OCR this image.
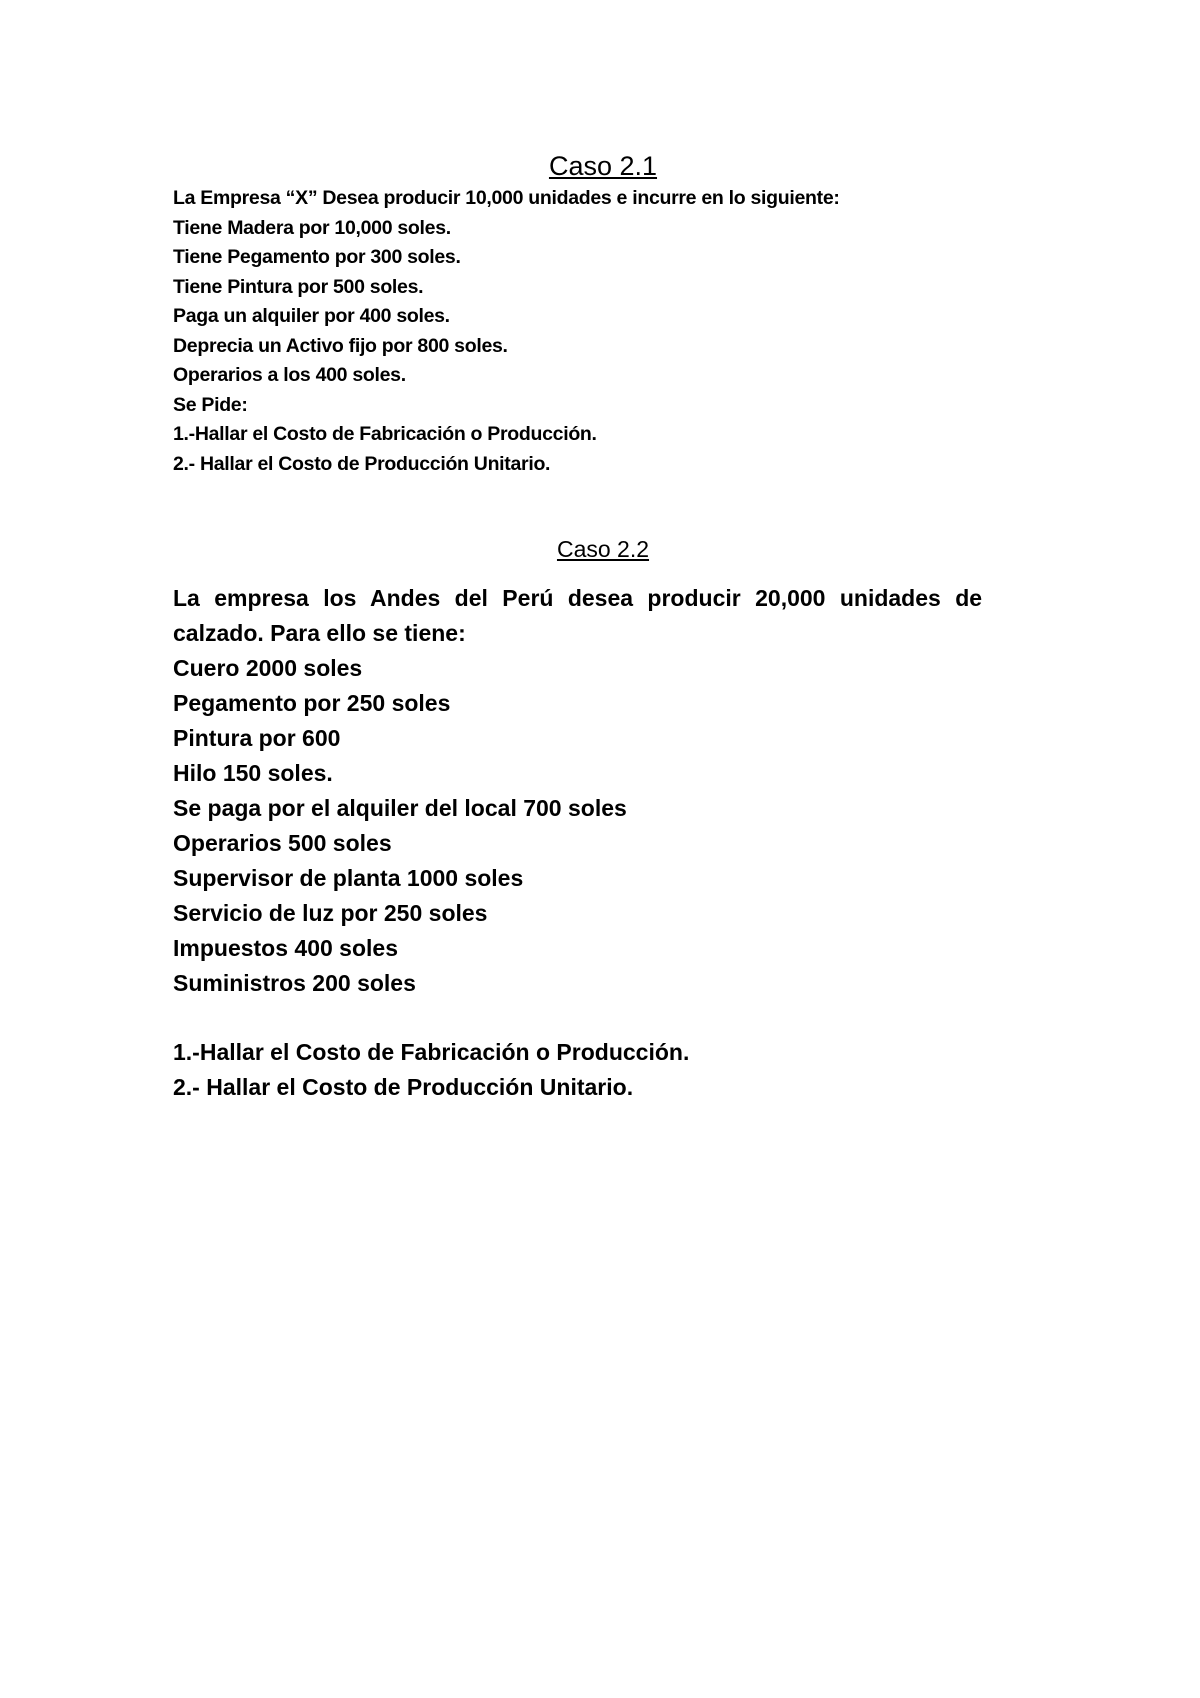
Caso 2.1
La Empresa “X” Desea producir 10,000 unidades e incurre en lo siguiente:
Tiene Madera por 10,000 soles.
Tiene Pegamento por 300 soles.
Tiene Pintura por 500 soles.
Paga un alquiler por 400 soles.
Deprecia un Activo fijo por 800 soles.
Operarios a los 400 soles.
Se Pide:
1.-Hallar el Costo de Fabricación o Producción.
2.- Hallar el Costo de Producción Unitario.
Caso 2.2
La empresa los Andes del Perú desea producir 20,000 unidades de
calzado. Para ello se tiene:
Cuero 2000 soles
Pegamento por 250 soles
Pintura por 600
Hilo 150 soles.
Se paga por el alquiler del local 700 soles
Operarios 500 soles
Supervisor de planta 1000 soles
Servicio de luz por 250 soles
Impuestos 400 soles
Suministros 200 soles
1.-Hallar el Costo de Fabricación o Producción.
2.- Hallar el Costo de Producción Unitario.
